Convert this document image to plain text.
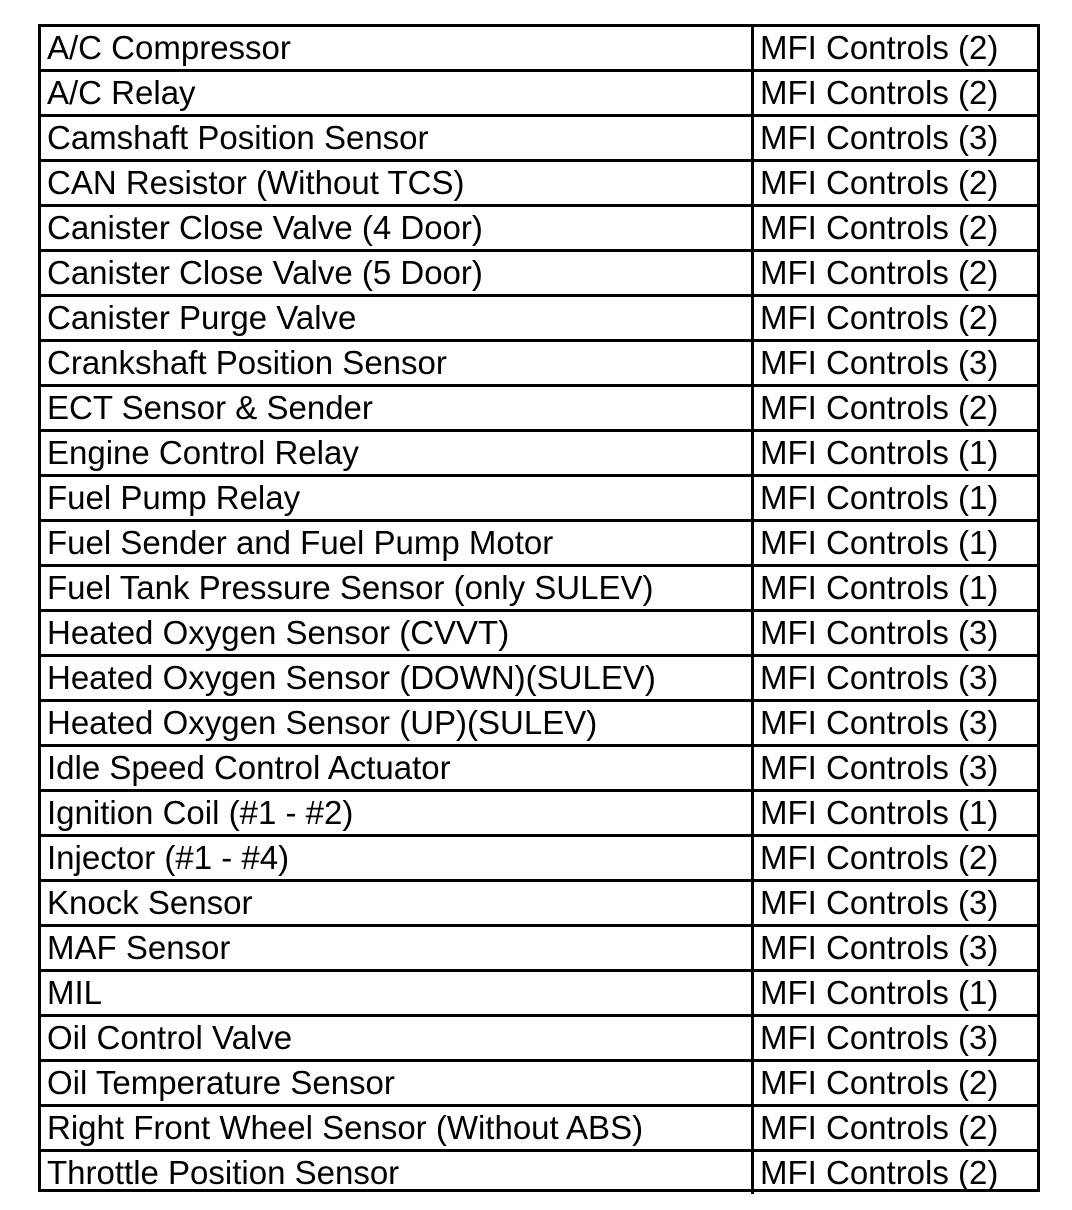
A/C Compressor	MFI Controls (2)
A/C Relay	MFI Controls (2)
Camshaft Position Sensor	MFI Controls (3)
CAN Resistor (Without TCS)	MFI Controls (2)
Canister Close Valve (4 Door)	MFI Controls (2)
Canister Close Valve (5 Door)	MFI Controls (2)
Canister Purge Valve	MFI Controls (2)
Crankshaft Position Sensor	MFI Controls (3)
ECT Sensor & Sender	MFI Controls (2)
Engine Control Relay	MFI Controls (1)
Fuel Pump Relay	MFI Controls (1)
Fuel Sender and Fuel Pump Motor	MFI Controls (1)
Fuel Tank Pressure Sensor (only SULEV)	MFI Controls (1)
Heated Oxygen Sensor (CVVT)	MFI Controls (3)
Heated Oxygen Sensor (DOWN)(SULEV)	MFI Controls (3)
Heated Oxygen Sensor (UP)(SULEV)	MFI Controls (3)
Idle Speed Control Actuator	MFI Controls (3)
Ignition Coil (#1 - #2)	MFI Controls (1)
Injector (#1 - #4)	MFI Controls (2)
Knock Sensor	MFI Controls (3)
MAF Sensor	MFI Controls (3)
MIL	MFI Controls (1)
Oil Control Valve	MFI Controls (3)
Oil Temperature Sensor	MFI Controls (2)
Right Front Wheel Sensor (Without ABS)	MFI Controls (2)
Throttle Position Sensor	MFI Controls (2)
